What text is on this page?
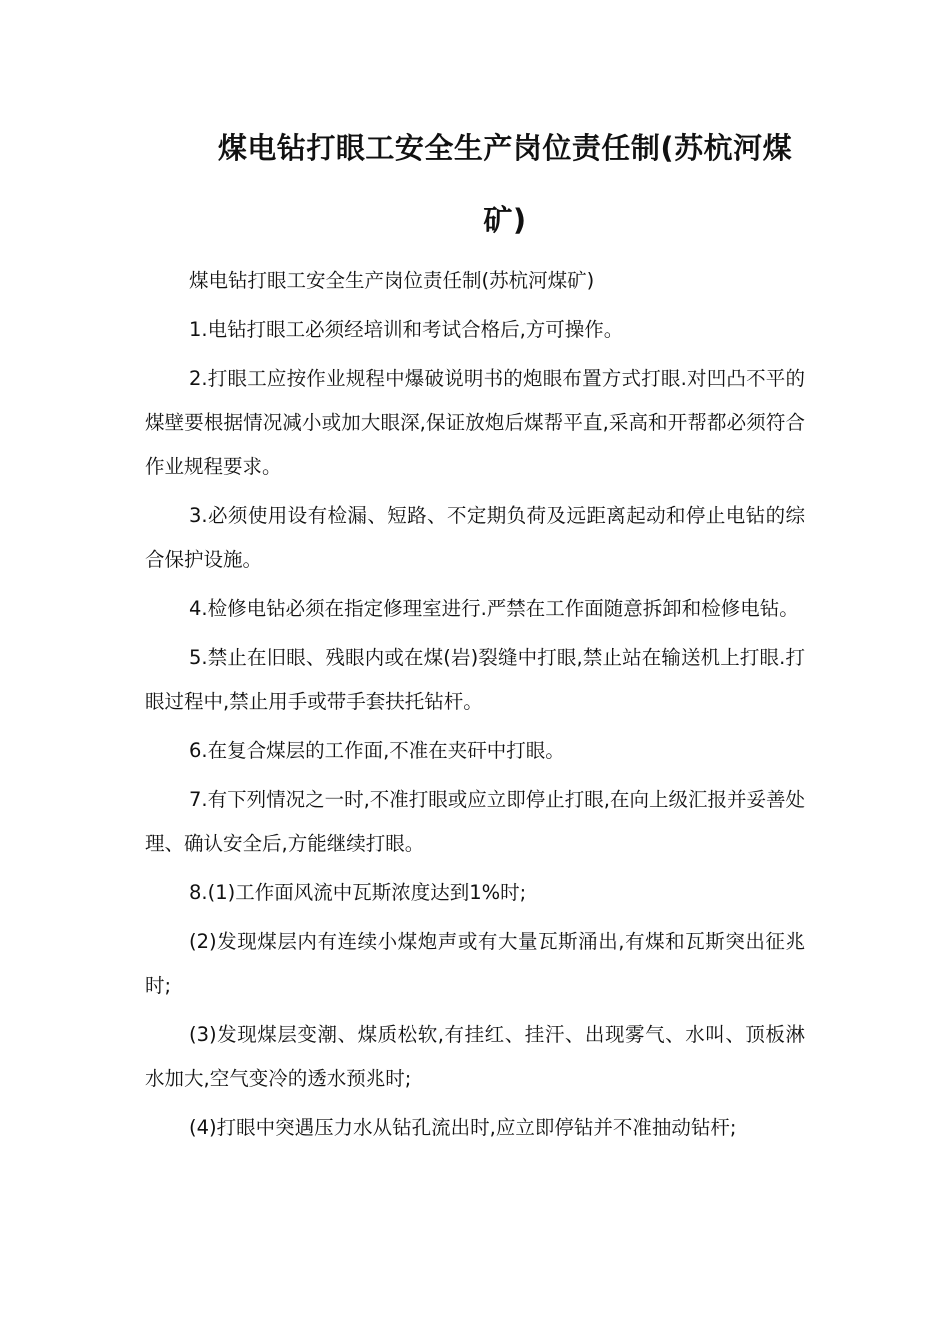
煤电钻打眼工安全生产岗位责任制(苏杭河煤矿)

煤电钻打眼工安全生产岗位责任制(苏杭河煤矿)

1.电钻打眼工必须经培训和考试合格后,方可操作。

2.打眼工应按作业规程中爆破说明书的炮眼布置方式打眼.对凹凸不平的煤壁要根据情况减小或加大眼深,保证放炮后煤帮平直,采高和开帮都必须符合作业规程要求。

3.必须使用设有检漏、短路、不定期负荷及远距离起动和停止电钻的综合保护设施。

4.检修电钻必须在指定修理室进行.严禁在工作面随意拆卸和检修电钻。

5.禁止在旧眼、残眼内或在煤(岩)裂缝中打眼,禁止站在输送机上打眼.打眼过程中,禁止用手或带手套扶托钻杆。

6.在复合煤层的工作面,不准在夹矸中打眼。

7.有下列情况之一时,不准打眼或应立即停止打眼,在向上级汇报并妥善处理、确认安全后,方能继续打眼。

8.(1)工作面风流中瓦斯浓度达到1%时;

(2)发现煤层内有连续小煤炮声或有大量瓦斯涌出,有煤和瓦斯突出征兆时;

(3)发现煤层变潮、煤质松软,有挂红、挂汗、出现雾气、水叫、顶板淋水加大,空气变冷的透水预兆时;

(4)打眼中突遇压力水从钻孔流出时,应立即停钻并不准抽动钻杆;
